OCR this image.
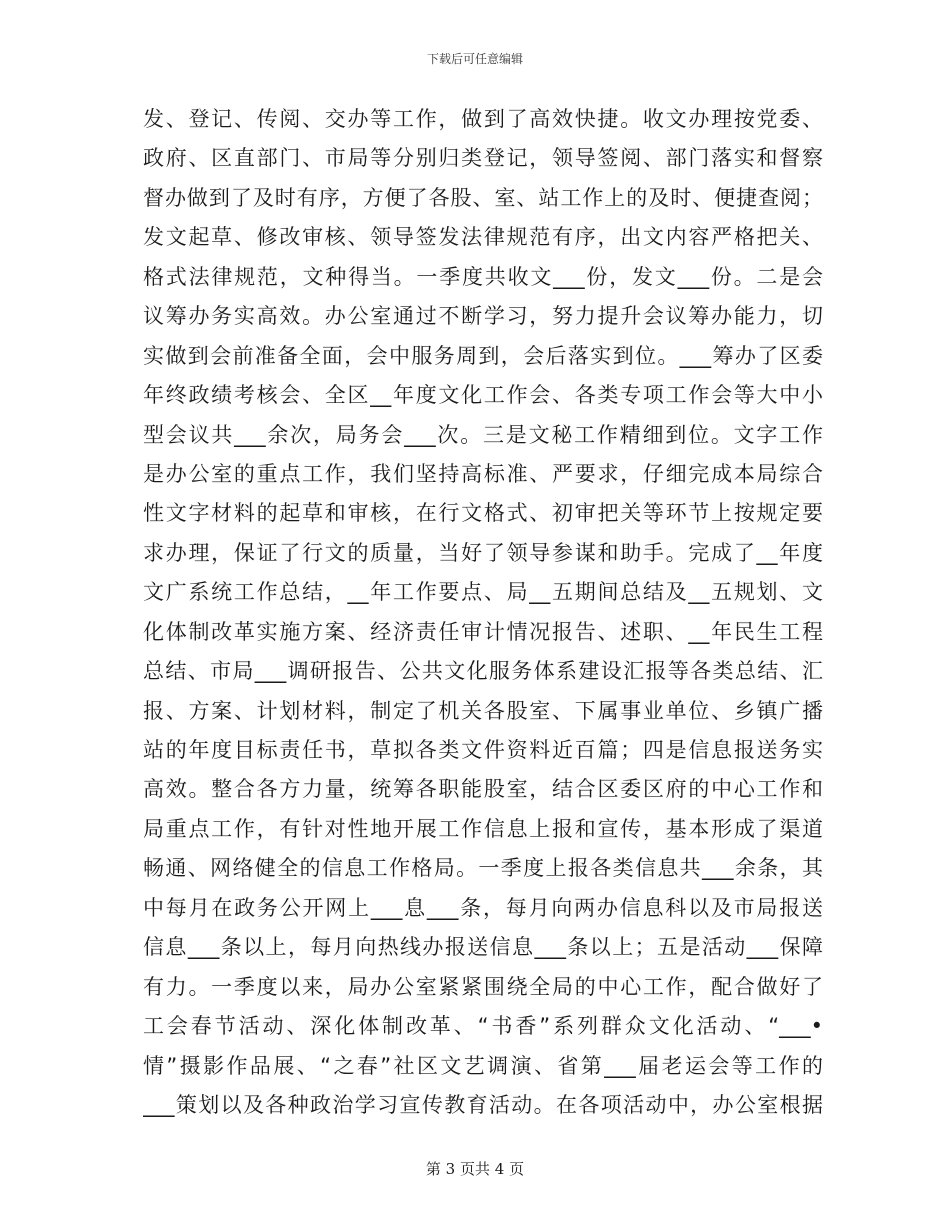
下载后可任意编辑
发、登记、传阅、交办等工作，做到了高效快捷。收文办理按党委、
政府、区直部门、市局等分别归类登记，领导签阅、部门落实和督察
督办做到了及时有序，方便了各股、室、站工作上的及时、便捷查阅；
发文起草、修改审核、领导签发法律规范有序，出文内容严格把关、
格式法律规范，文种得当。一季度共收文___份，发文___份。二是会
议筹办务实高效。办公室通过不断学习，努力提升会议筹办能力，切
实做到会前准备全面，会中服务周到，会后落实到位。___筹办了区委
年终政绩考核会、全区__年度文化工作会、各类专项工作会等大中小
型会议共___余次，局务会___次。三是文秘工作精细到位。文字工作
是办公室的重点工作，我们坚持高标准、严要求，仔细完成本局综合
性文字材料的起草和审核，在行文格式、初审把关等环节上按规定要
求办理，保证了行文的质量，当好了领导参谋和助手。完成了__年度
文广系统工作总结，__年工作要点、局__五期间总结及__五规划、文
化体制改革实施方案、经济责任审计情况报告、述职、__年民生工程
总结、市局___调研报告、公共文化服务体系建设汇报等各类总结、汇
报、方案、计划材料，制定了机关各股室、下属事业单位、乡镇广播
站的年度目标责任书，草拟各类文件资料近百篇；四是信息报送务实
高效。整合各方力量，统筹各职能股室，结合区委区府的中心工作和
局重点工作，有针对性地开展工作信息上报和宣传，基本形成了渠道
畅通、网络健全的信息工作格局。一季度上报各类信息共___余条，其
中每月在政务公开网上___息___条，每月向两办信息科以及市局报送
信息___条以上，每月向热线办报送信息___条以上；五是活动___保障
有力。一季度以来，局办公室紧紧围绕全局的中心工作，配合做好了
工会春节活动、深化体制改革、“书香”系列群众文化活动、“___•
情”摄影作品展、“之春”社区文艺调演、省第___届老运会等工作的
___策划以及各种政治学习宣传教育活动。在各项活动中，办公室根据
第 3 页共 4 页
